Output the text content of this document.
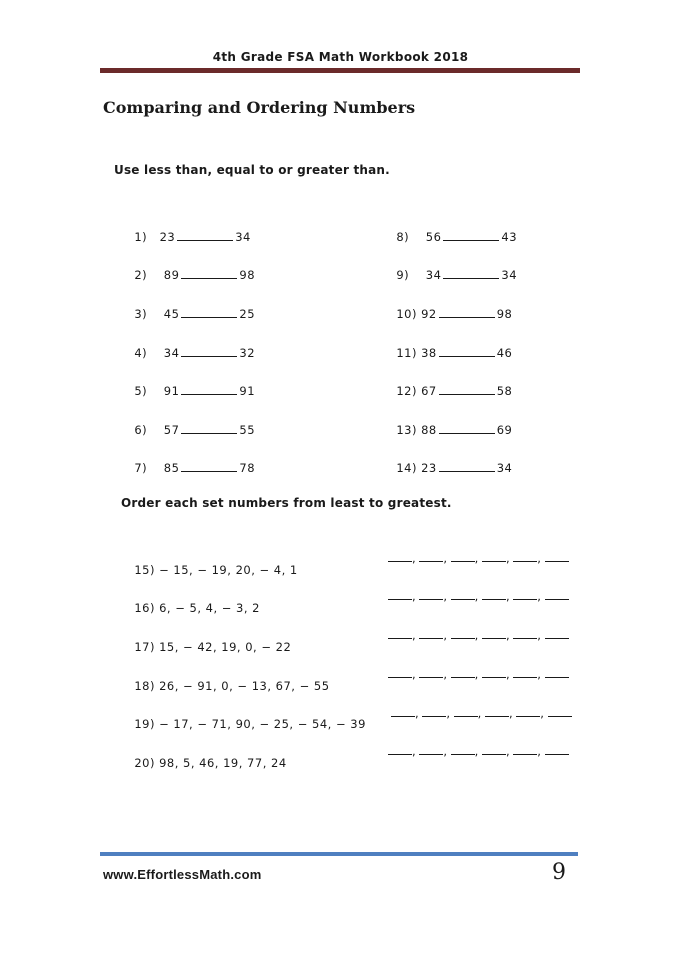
4th Grade FSA Math Workbook 2018
Comparing and Ordering Numbers
Use less than, equal to or greater than.

1) 23	34

2) 89	98

3) 45	25

4) 34	32

5) 91	91

6) 57	55

7) 85	78

8) 56	43

9) 34	34

10) 92	98

11) 38	46

12) 67	58

13) 88	69

14) 23	34

Order each set numbers from least to greatest.

15) − 15, − 19, 20, − 4, 1

16) 6, − 5, 4, − 3, 2

17) 15, − 42, 19, 0, − 22

18) 26, − 91, 0, − 13, 67, − 55

19) − 17, − 71, 90, − 25, − 54, − 39

20) 98, 5, 46, 19, 77, 24

, , , , ,
, , , , ,
, , , , ,
, , , , ,
, , , , ,
, , , , ,
www.EffortlessMath.com	9
